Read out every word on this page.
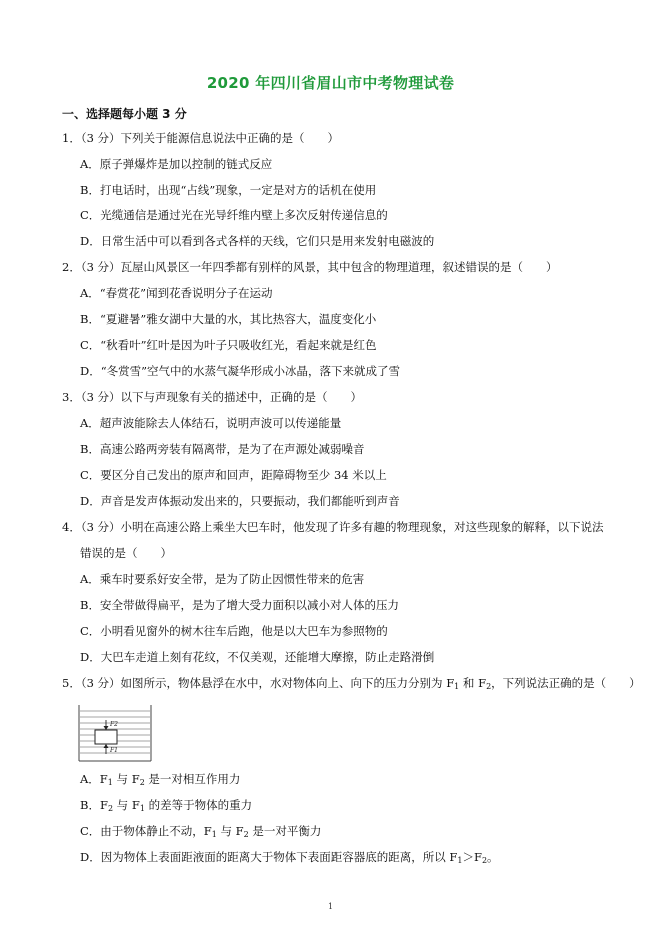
2020 年四川省眉山市中考物理试卷
一、选择题每小题 3 分
1．（3 分）下列关于能源信息说法中正确的是（　　）
A．原子弹爆炸是加以控制的链式反应
B．打电话时，出现“占线”现象，一定是对方的话机在使用
C．光缆通信是通过光在光导纤维内壁上多次反射传递信息的
D．日常生活中可以看到各式各样的天线，它们只是用来发射电磁波的
2．（3 分）瓦屋山风景区一年四季都有别样的风景，其中包含的物理道理，叙述错误的是（　　）
A．“春赏花”闻到花香说明分子在运动
B．“夏避暑”雅女湖中大量的水，其比热容大，温度变化小
C．“秋看叶”红叶是因为叶子只吸收红光，看起来就是红色
D．“冬赏雪”空气中的水蒸气凝华形成小冰晶，落下来就成了雪
3．（3 分）以下与声现象有关的描述中，正确的是（　　）
A．超声波能除去人体结石，说明声波可以传递能量
B．高速公路两旁装有隔离带，是为了在声源处减弱噪音
C．要区分自己发出的原声和回声，距障碍物至少 34 米以上
D．声音是发声体振动发出来的，只要振动，我们都能听到声音
4．（3 分）小明在高速公路上乘坐大巴车时，他发现了许多有趣的物理现象，对这些现象的解释，以下说法
错误的是（　　）
A．乘车时要系好安全带，是为了防止因惯性带来的危害
B．安全带做得扁平，是为了增大受力面积以减小对人体的压力
C．小明看见窗外的树木往车后跑，他是以大巴车为参照物的
D．大巴车走道上刻有花纹，不仅美观，还能增大摩擦，防止走路滑倒
5．（3 分）如图所示，物体悬浮在水中，水对物体向上、向下的压力分别为 $F_1$ 和 $F_2$，下列说法正确的是（　　）
F2
F1
A．$F_1$ 与 $F_2$ 是一对相互作用力
B．$F_2$ 与 $F_1$ 的差等于物体的重力
C．由于物体静止不动，$F_1$ 与 $F_2$ 是一对平衡力
D．因为物体上表面距液面的距离大于物体下表面距容器底的距离，所以 $F_1>F_2$。
1
